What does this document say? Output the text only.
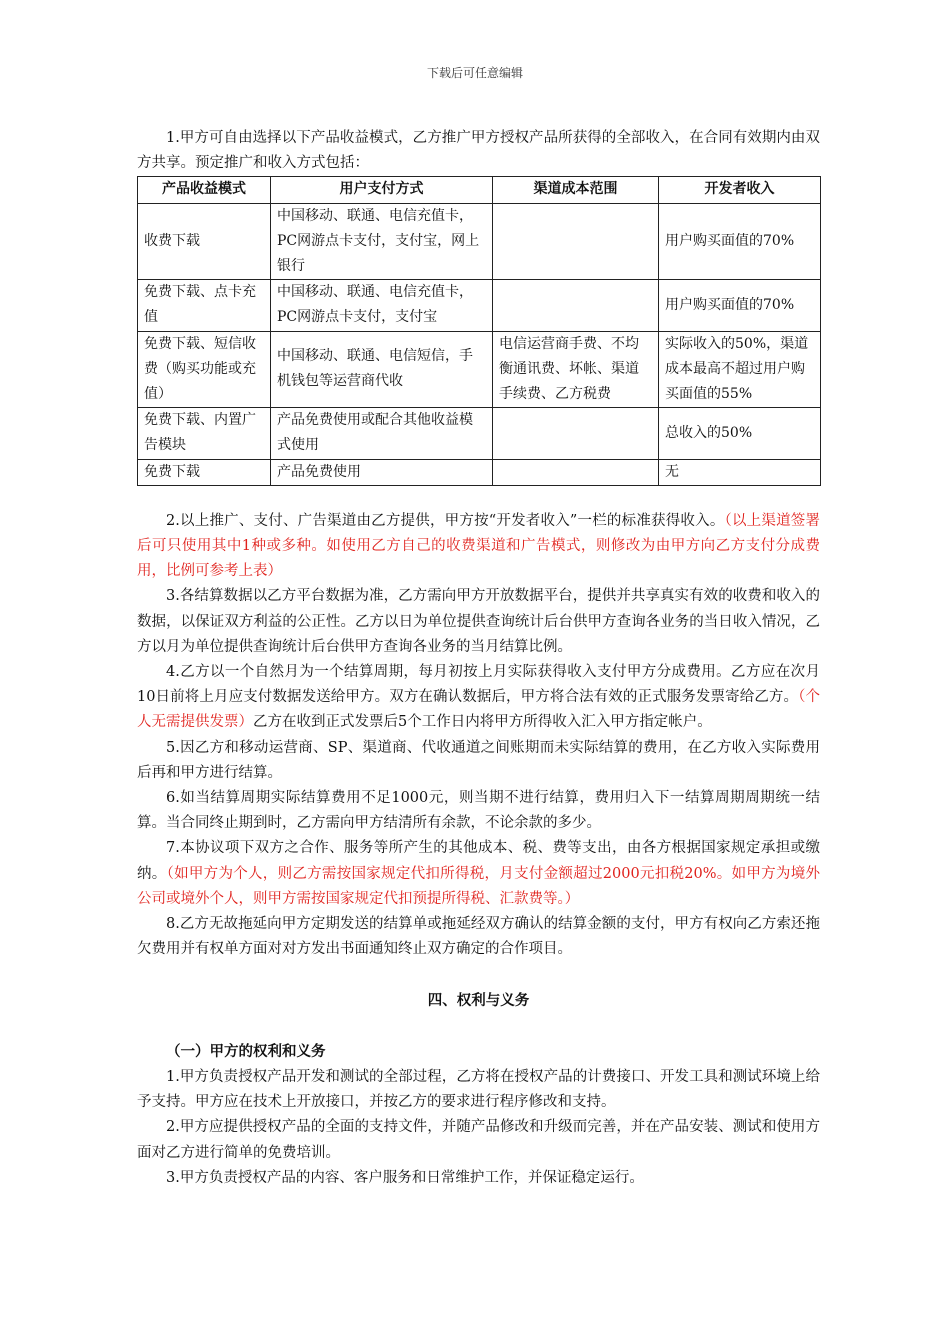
下载后可任意编辑

1.甲方可自由选择以下产品收益模式，乙方推广甲方授权产品所获得的全部收入，在合同有效期内由双方共享。预定推广和收入方式包括：

产品收益模式	用户支付方式	渠道成本范围	开发者收入
收费下载	中国移动、联通、电信充值卡，PC网游点卡支付，支付宝，网上银行		用户购买面值的70%
免费下载、点卡充值	中国移动、联通、电信充值卡，PC网游点卡支付，支付宝		用户购买面值的70%
免费下载、短信收费（购买功能或充值）	中国移动、联通、电信短信，手机钱包等运营商代收	电信运营商手费、不均衡通讯费、坏帐、渠道手续费、乙方税费	实际收入的50%，渠道成本最高不超过用户购买面值的55%
免费下载、内置广告模块	产品免费使用或配合其他收益模式使用		总收入的50%
免费下载	产品免费使用		无

2.以上推广、支付、广告渠道由乙方提供，甲方按“开发者收入”一栏的标准获得收入。（以上渠道签署后可只使用其中1种或多种。如使用乙方自己的收费渠道和广告模式，则修改为由甲方向乙方支付分成费用，比例可参考上表）

3.各结算数据以乙方平台数据为准，乙方需向甲方开放数据平台，提供并共享真实有效的收费和收入的数据，以保证双方利益的公正性。乙方以日为单位提供查询统计后台供甲方查询各业务的当日收入情况，乙方以月为单位提供查询统计后台供甲方查询各业务的当月结算比例。

4.乙方以一个自然月为一个结算周期，每月初按上月实际获得收入支付甲方分成费用。乙方应在次月10日前将上月应支付数据发送给甲方。双方在确认数据后，甲方将合法有效的正式服务发票寄给乙方。（个人无需提供发票）乙方在收到正式发票后5个工作日内将甲方所得收入汇入甲方指定帐户。

5.因乙方和移动运营商、SP、渠道商、代收通道之间账期而未实际结算的费用，在乙方收入实际费用后再和甲方进行结算。

6.如当结算周期实际结算费用不足1000元，则当期不进行结算，费用归入下一结算周期周期统一结算。当合同终止期到时，乙方需向甲方结清所有余款，不论余款的多少。

7.本协议项下双方之合作、服务等所产生的其他成本、税、费等支出，由各方根据国家规定承担或缴纳。（如甲方为个人，则乙方需按国家规定代扣所得税，月支付金额超过2000元扣税20%。如甲方为境外公司或境外个人，则甲方需按国家规定代扣预提所得税、汇款费等。）

8.乙方无故拖延向甲方定期发送的结算单或拖延经双方确认的结算金额的支付，甲方有权向乙方索还拖欠费用并有权单方面对对方发出书面通知终止双方确定的合作项目。

四、权利与义务

（一）甲方的权利和义务

1.甲方负责授权产品开发和测试的全部过程，乙方将在授权产品的计费接口、开发工具和测试环境上给予支持。甲方应在技术上开放接口，并按乙方的要求进行程序修改和支持。

2.甲方应提供授权产品的全面的支持文件，并随产品修改和升级而完善，并在产品安装、测试和使用方面对乙方进行简单的免费培训。

3.甲方负责授权产品的内容、客户服务和日常维护工作，并保证稳定运行。
